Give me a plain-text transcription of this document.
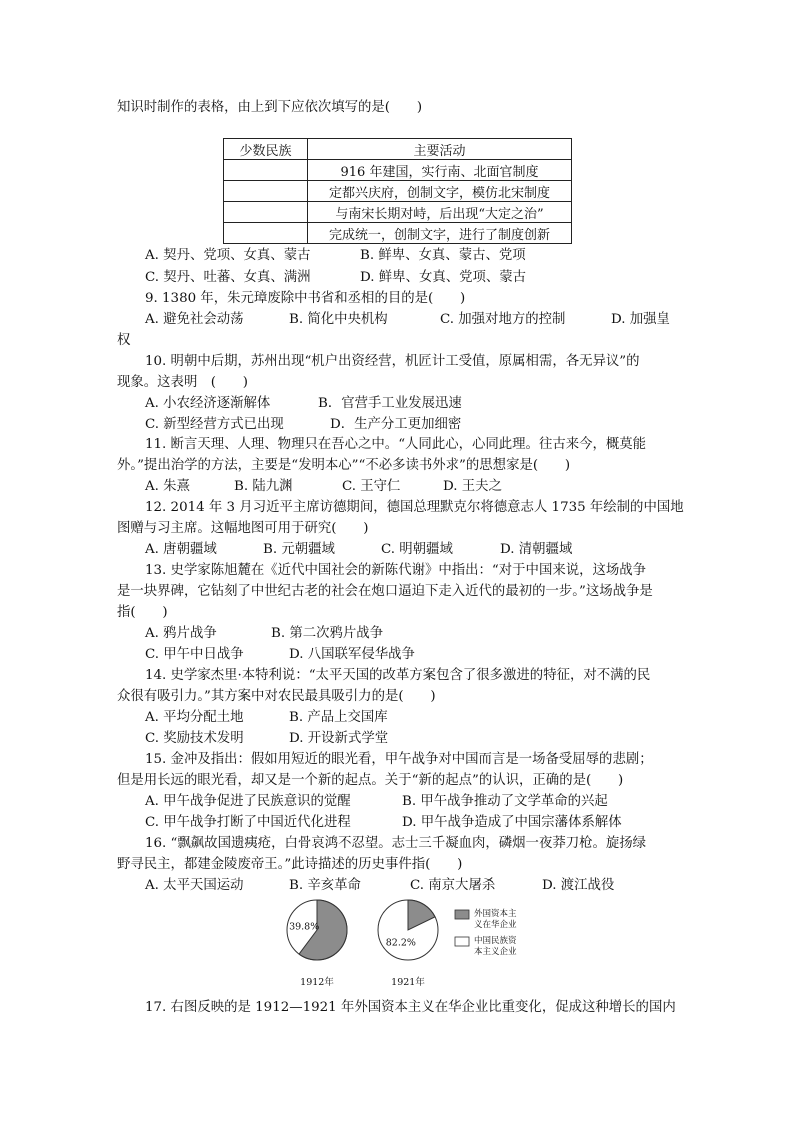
知识时制作的表格，由上到下应依次填写的是(　　)
少数民族	主要活动
	916 年建国，实行南、北面官制度
	定都兴庆府，创制文字，模仿北宋制度
	与南宋长期对峙，后出现“大定之治”
	完成统一，创制文字，进行了制度创新
A. 契丹、党项、女真、蒙古	B. 鲜卑、女真、蒙古、党项
C. 契丹、吐蕃、女真、满洲	D. 鲜卑、女真、党项、蒙古
9. 1380 年，朱元璋废除中书省和丞相的目的是(　　)
A. 避免社会动荡	B. 简化中央机构	C. 加强对地方的控制	D. 加强皇
权
10. 明朝中后期，苏州出现“机户出资经营，机匠计工受值，原属相需，各无异议”的
现象。这表明　(　　)
A. 小农经济逐渐解体	B．官营手工业发展迅速
C. 新型经营方式已出现	D．生产分工更加细密
11. 断言天理、人理、物理只在吾心之中。“人同此心，心同此理。往古来今，概莫能
外。”提出治学的方法，主要是“发明本心”“不必多读书外求”的思想家是(　　)
A. 朱熹	B. 陆九渊	C. 王守仁	D. 王夫之
12. 2014 年 3 月习近平主席访德期间，德国总理默克尔将德意志人 1735 年绘制的中国地
图赠与习主席。这幅地图可用于研究(　　)
A. 唐朝疆域	B. 元朝疆域	C. 明朝疆域	D. 清朝疆域
13. 史学家陈旭麓在《近代中国社会的新陈代谢》中指出：“对于中国来说，这场战争
是一块界碑，它钻刻了中世纪古老的社会在炮口逼迫下走入近代的最初的一步。”这场战争是
指(　　)
A. 鸦片战争	B. 第二次鸦片战争
C. 甲午中日战争	D. 八国联军侵华战争
14. 史学家杰里·本特利说：“太平天国的改革方案包含了很多激进的特征，对不满的民
众很有吸引力。”其方案中对农民最具吸引力的是(　　)
A. 平均分配土地	B. 产品上交国库
C. 奖励技术发明	D. 开设新式学堂
15. 金冲及指出：假如用短近的眼光看，甲午战争对中国而言是一场备受屈辱的悲剧；
但是用长远的眼光看，却又是一个新的起点。关于“新的起点”的认识，正确的是(　　)
A. 甲午战争促进了民族意识的觉醒	B. 甲午战争推动了文学革命的兴起
C. 甲午战争打断了中国近代化进程	D. 甲午战争造成了中国宗藩体系解体
16. “飘飙故国遗痍疮，白骨哀鸿不忍望。志士三千凝血肉，磷烟一夜莽刀枪。旋扬绿
野寻民主，都建金陵废帝王。”此诗描述的历史事件指(　　)
A. 太平天国运动	B. 辛亥革命	C. 南京大屠杀	D. 渡江战役
39.8%
1912年
82.2%
1921年
外国资本主
义在华企业
中国民族资
本主义企业
17. 右图反映的是 1912—1921 年外国资本主义在华企业比重变化，促成这种增长的国内
